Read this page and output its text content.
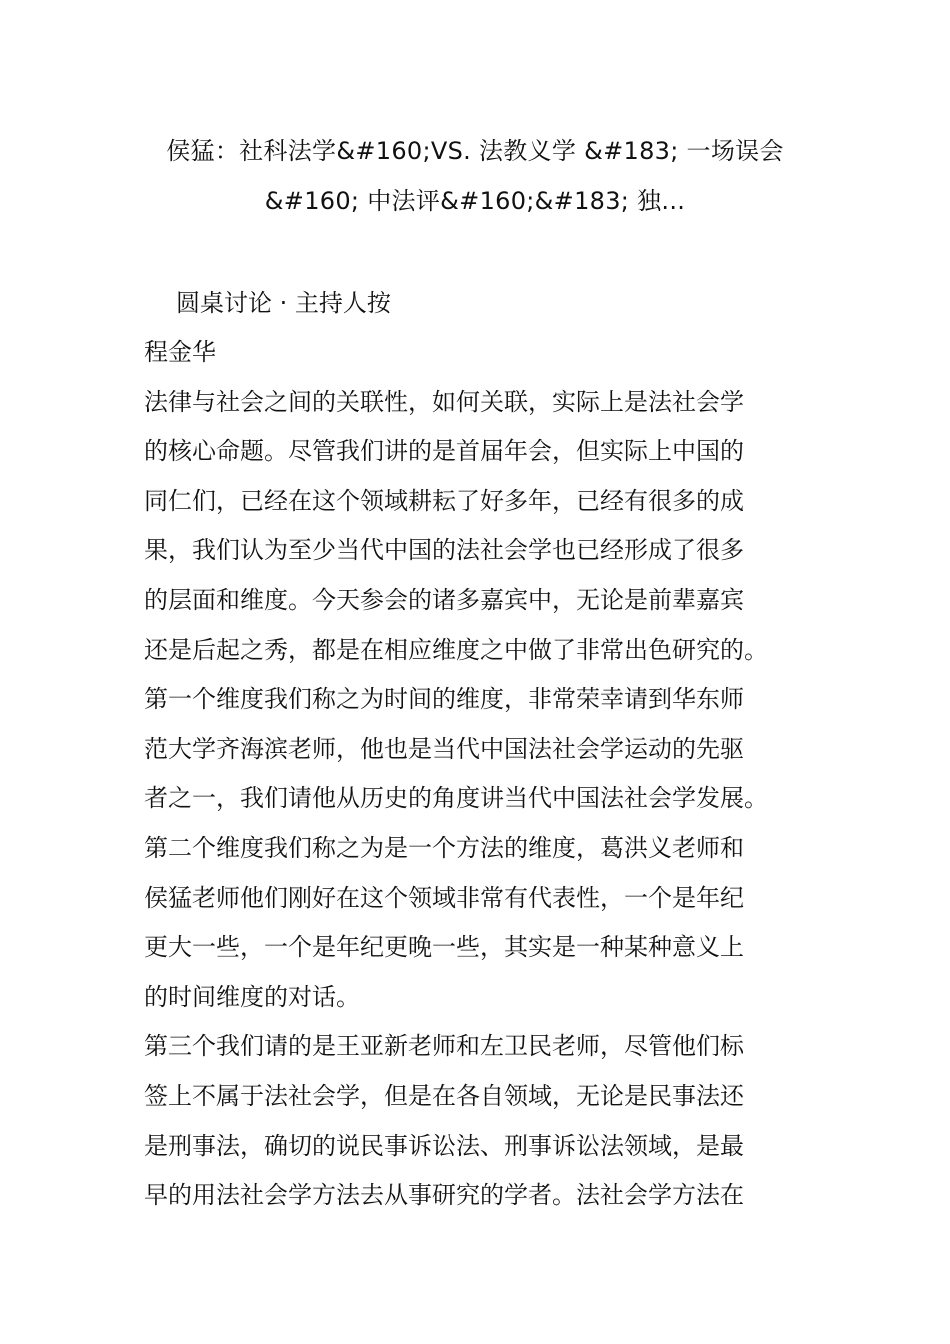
侯猛：社科法学&#160;VS. 法教义学 &#183; 一场误会
&#160; 中法评&#160;&#183; 独...
圆桌讨论 · 主持人按
程金华
法律与社会之间的关联性，如何关联，实际上是法社会学
的核心命题。尽管我们讲的是首届年会，但实际上中国的
同仁们，已经在这个领域耕耘了好多年，已经有很多的成
果，我们认为至少当代中国的法社会学也已经形成了很多
的层面和维度。今天参会的诸多嘉宾中，无论是前辈嘉宾
还是后起之秀，都是在相应维度之中做了非常出色研究的。
第一个维度我们称之为时间的维度，非常荣幸请到华东师
范大学齐海滨老师，他也是当代中国法社会学运动的先驱
者之一，我们请他从历史的角度讲当代中国法社会学发展。
第二个维度我们称之为是一个方法的维度，葛洪义老师和
侯猛老师他们刚好在这个领域非常有代表性，一个是年纪
更大一些，一个是年纪更晚一些，其实是一种某种意义上
的时间维度的对话。
第三个我们请的是王亚新老师和左卫民老师，尽管他们标
签上不属于法社会学，但是在各自领域，无论是民事法还
是刑事法，确切的说民事诉讼法、刑事诉讼法领域，是最
早的用法社会学方法去从事研究的学者。法社会学方法在
